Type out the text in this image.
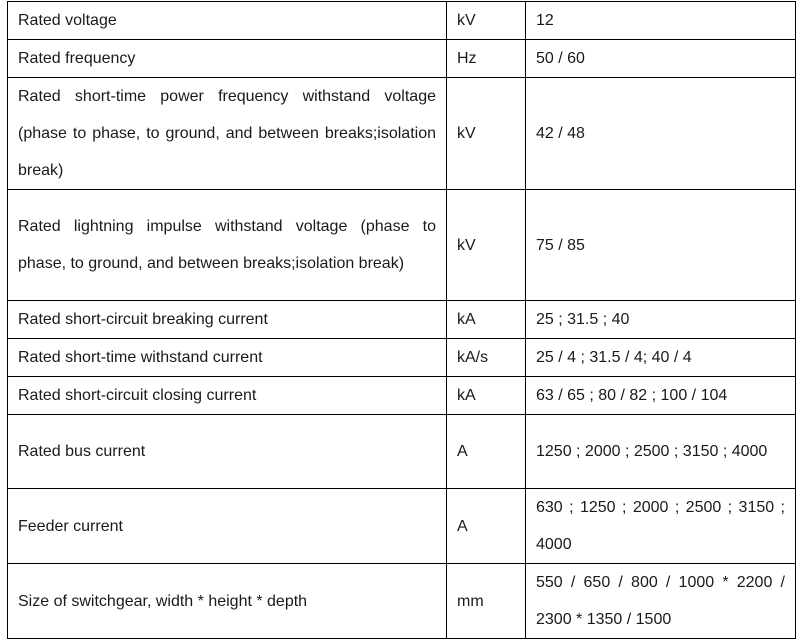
Rated voltage	kV	12
Rated frequency	Hz	50 / 60
Rated short-time power frequency withstand voltage (phase to phase, to ground, and between breaks;isolation break)	kV	42 / 48
Rated lightning impulse withstand voltage (phase to phase, to ground, and between breaks;isolation break)	kV	75 / 85
Rated short-circuit breaking current	kA	25 ; 31.5 ; 40
Rated short-time withstand current	kA/s	25 / 4 ; 31.5 / 4; 40 / 4
Rated short-circuit closing current	kA	63 / 65 ; 80 / 82 ; 100 / 104
Rated bus current	A	1250 ; 2000 ; 2500 ; 3150 ; 4000
Feeder current	A	630 ; 1250 ; 2000 ; 2500 ; 3150 ; 4000
Size of switchgear, width * height * depth	mm	550 / 650 / 800 / 1000 * 2200 / 2300 * 1350 / 1500
